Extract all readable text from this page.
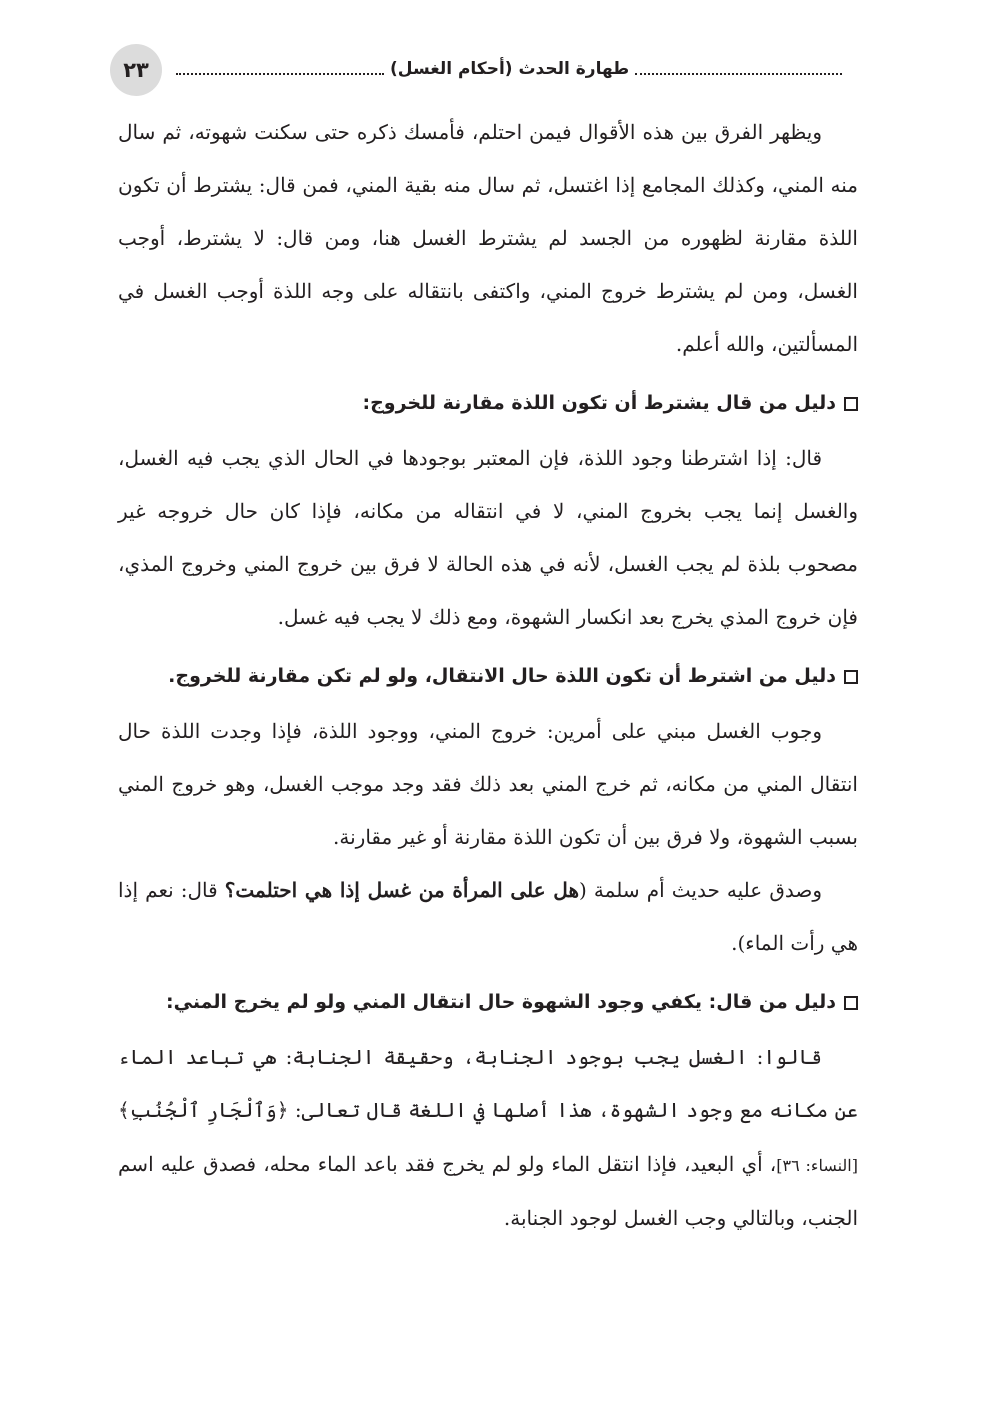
٢٣	طهارة الحدث (أحكام الغسل)

ويظهر الفرق بين هذه الأقوال فيمن احتلم، فأمسك ذكره حتى سكنت شهوته، ثم سال منه المني، وكذلك المجامع إذا اغتسل، ثم سال منه بقية المني، فمن قال: يشترط أن تكون اللذة مقارنة لظهوره من الجسد لم يشترط الغسل هنا، ومن قال: لا يشترط، أوجب الغسل، ومن لم يشترط خروج المني، واكتفى بانتقاله على وجه اللذة أوجب الغسل في المسألتين، والله أعلم.

دليل من قال يشترط أن تكون اللذة مقارنة للخروج:

قال: إذا اشترطنا وجود اللذة، فإن المعتبر بوجودها في الحال الذي يجب فيه الغسل، والغسل إنما يجب بخروج المني، لا في انتقاله من مكانه، فإذا كان حال خروجه غير مصحوب بلذة لم يجب الغسل، لأنه في هذه الحالة لا فرق بين خروج المني وخروج المذي، فإن خروج المذي يخرج بعد انكسار الشهوة، ومع ذلك لا يجب فيه غسل.

دليل من اشترط أن تكون اللذة حال الانتقال، ولو لم تكن مقارنة للخروج.

وجوب الغسل مبني على أمرين: خروج المني، ووجود اللذة، فإذا وجدت اللذة حال انتقال المني من مكانه، ثم خرج المني بعد ذلك فقد وجد موجب الغسل، وهو خروج المني بسبب الشهوة، ولا فرق بين أن تكون اللذة مقارنة أو غير مقارنة.

وصدق عليه حديث أم سلمة (هل على المرأة من غسل إذا هي احتلمت؟ قال: نعم إذا هي رأت الماء).

دليل من قال: يكفي وجود الشهوة حال انتقال المني ولو لم يخرج المني:

قالوا: الغسل يجب بوجود الجنابة، وحقيقة الجنابة: هي تباعد الماء عن مكانه مع وجود الشهوة، هذا أصلها في اللغة قال تعالى: ﴿وَٱلْجَارِ ٱلْجُنُبِ﴾ [النساء: ٣٦]، أي البعيد، فإذا انتقل الماء ولو لم يخرج فقد باعد الماء محله، فصدق عليه اسم الجنب، وبالتالي وجب الغسل لوجود الجنابة.
